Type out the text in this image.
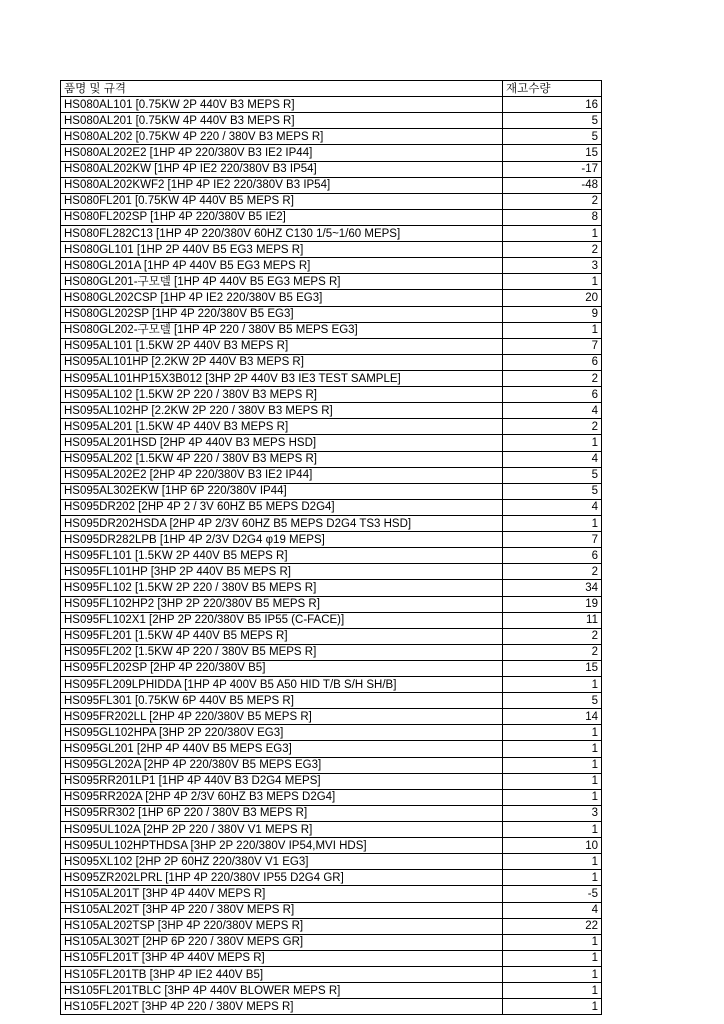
품명 및 규격	재고수량
HS080AL101 [0.75KW 2P 440V B3 MEPS R]	16
HS080AL201 [0.75KW 4P 440V B3 MEPS R]	5
HS080AL202 [0.75KW 4P 220 / 380V B3 MEPS R]	5
HS080AL202E2 [1HP 4P 220/380V B3 IE2 IP44]	15
HS080AL202KW [1HP 4P IE2 220/380V B3 IP54]	-17
HS080AL202KWF2 [1HP 4P IE2 220/380V B3 IP54]	-48
HS080FL201 [0.75KW 4P 440V B5 MEPS R]	2
HS080FL202SP [1HP 4P 220/380V B5 IE2]	8
HS080FL282C13 [1HP 4P 220/380V 60HZ C130 1/5~1/60 MEPS]	1
HS080GL101 [1HP 2P 440V B5 EG3 MEPS R]	2
HS080GL201A [1HP 4P 440V B5 EG3 MEPS R]	3
HS080GL201-구모델 [1HP 4P 440V B5 EG3 MEPS R]	1
HS080GL202CSP [1HP 4P IE2 220/380V B5 EG3]	20
HS080GL202SP [1HP 4P 220/380V B5 EG3]	9
HS080GL202-구모델 [1HP 4P 220 / 380V B5 MEPS EG3]	1
HS095AL101 [1.5KW 2P 440V B3 MEPS R]	7
HS095AL101HP [2.2KW 2P 440V B3 MEPS R]	6
HS095AL101HP15X3B012 [3HP 2P 440V B3 IE3 TEST SAMPLE]	2
HS095AL102 [1.5KW 2P 220 / 380V B3 MEPS R]	6
HS095AL102HP [2.2KW 2P 220 / 380V B3 MEPS R]	4
HS095AL201 [1.5KW 4P 440V B3 MEPS R]	2
HS095AL201HSD [2HP 4P 440V B3 MEPS HSD]	1
HS095AL202 [1.5KW 4P 220 / 380V B3 MEPS R]	4
HS095AL202E2 [2HP 4P 220/380V B3 IE2 IP44]	5
HS095AL302EKW [1HP 6P 220/380V IP44]	5
HS095DR202 [2HP 4P 2 / 3V 60HZ B5 MEPS D2G4]	4
HS095DR202HSDA [2HP 4P 2/3V 60HZ B5 MEPS D2G4 TS3 HSD]	1
HS095DR282LPB [1HP 4P 2/3V D2G4 φ19 MEPS]	7
HS095FL101 [1.5KW 2P 440V B5 MEPS R]	6
HS095FL101HP [3HP 2P 440V B5 MEPS R]	2
HS095FL102 [1.5KW 2P 220 / 380V B5 MEPS R]	34
HS095FL102HP2 [3HP 2P 220/380V B5 MEPS R]	19
HS095FL102X1 [2HP 2P 220/380V B5 IP55 (C-FACE)]	11
HS095FL201 [1.5KW 4P 440V B5 MEPS R]	2
HS095FL202 [1.5KW 4P 220 / 380V B5 MEPS R]	2
HS095FL202SP [2HP 4P 220/380V B5]	15
HS095FL209LPHIDDA [1HP 4P 400V B5 A50 HID T/B S/H SH/B]	1
HS095FL301 [0.75KW 6P 440V B5 MEPS R]	5
HS095FR202LL [2HP 4P 220/380V B5 MEPS R]	14
HS095GL102HPA [3HP 2P 220/380V EG3]	1
HS095GL201 [2HP 4P 440V B5 MEPS EG3]	1
HS095GL202A [2HP 4P 220/380V B5 MEPS EG3]	1
HS095RR201LP1 [1HP 4P 440V B3 D2G4 MEPS]	1
HS095RR202A [2HP 4P 2/3V 60HZ B3 MEPS D2G4]	1
HS095RR302 [1HP 6P 220 / 380V B3 MEPS R]	3
HS095UL102A [2HP 2P 220 / 380V V1 MEPS R]	1
HS095UL102HPTHDSA [3HP 2P 220/380V IP54,MVI HDS]	10
HS095XL102 [2HP 2P 60HZ 220/380V V1 EG3]	1
HS095ZR202LPRL [1HP 4P 220/380V IP55 D2G4 GR]	1
HS105AL201T [3HP 4P 440V MEPS R]	-5
HS105AL202T [3HP 4P 220 / 380V MEPS R]	4
HS105AL202TSP [3HP 4P 220/380V MEPS R]	22
HS105AL302T [2HP 6P 220 / 380V MEPS GR]	1
HS105FL201T [3HP 4P 440V MEPS R]	1
HS105FL201TB [3HP 4P IE2 440V B5]	1
HS105FL201TBLC [3HP 4P 440V BLOWER MEPS R]	1
HS105FL202T [3HP 4P 220 / 380V MEPS R]	1
